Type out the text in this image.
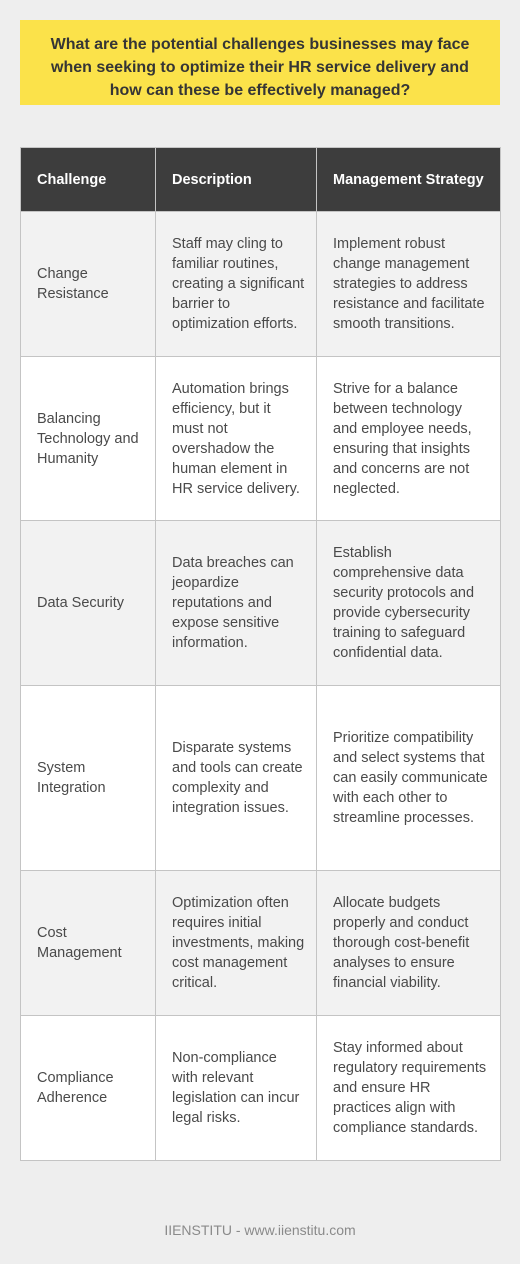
What are the potential challenges businesses may face when seeking to optimize their HR service delivery and how can these be effectively managed?
Challenge	Description	Management Strategy
Change Resistance	Staff may cling to familiar routines, creating a significant barrier to optimization efforts.	Implement robust change management strategies to address resistance and facilitate smooth transitions.
Balancing Technology and Humanity	Automation brings efficiency, but it must not overshadow the human element in HR service delivery.	Strive for a balance between technology and employee needs, ensuring that insights and concerns are not neglected.
Data Security	Data breaches can jeopardize reputations and expose sensitive information.	Establish comprehensive data security protocols and provide cybersecurity training to safeguard confidential data.
System Integration	Disparate systems and tools can create complexity and integration issues.	Prioritize compatibility and select systems that can easily communicate with each other to streamline processes.
Cost Management	Optimization often requires initial investments, making cost management critical.	Allocate budgets properly and conduct thorough cost-benefit analyses to ensure financial viability.
Compliance Adherence	Non-compliance with relevant legislation can incur legal risks.	Stay informed about regulatory requirements and ensure HR practices align with compliance standards.
IIENSTITU - www.iienstitu.com
